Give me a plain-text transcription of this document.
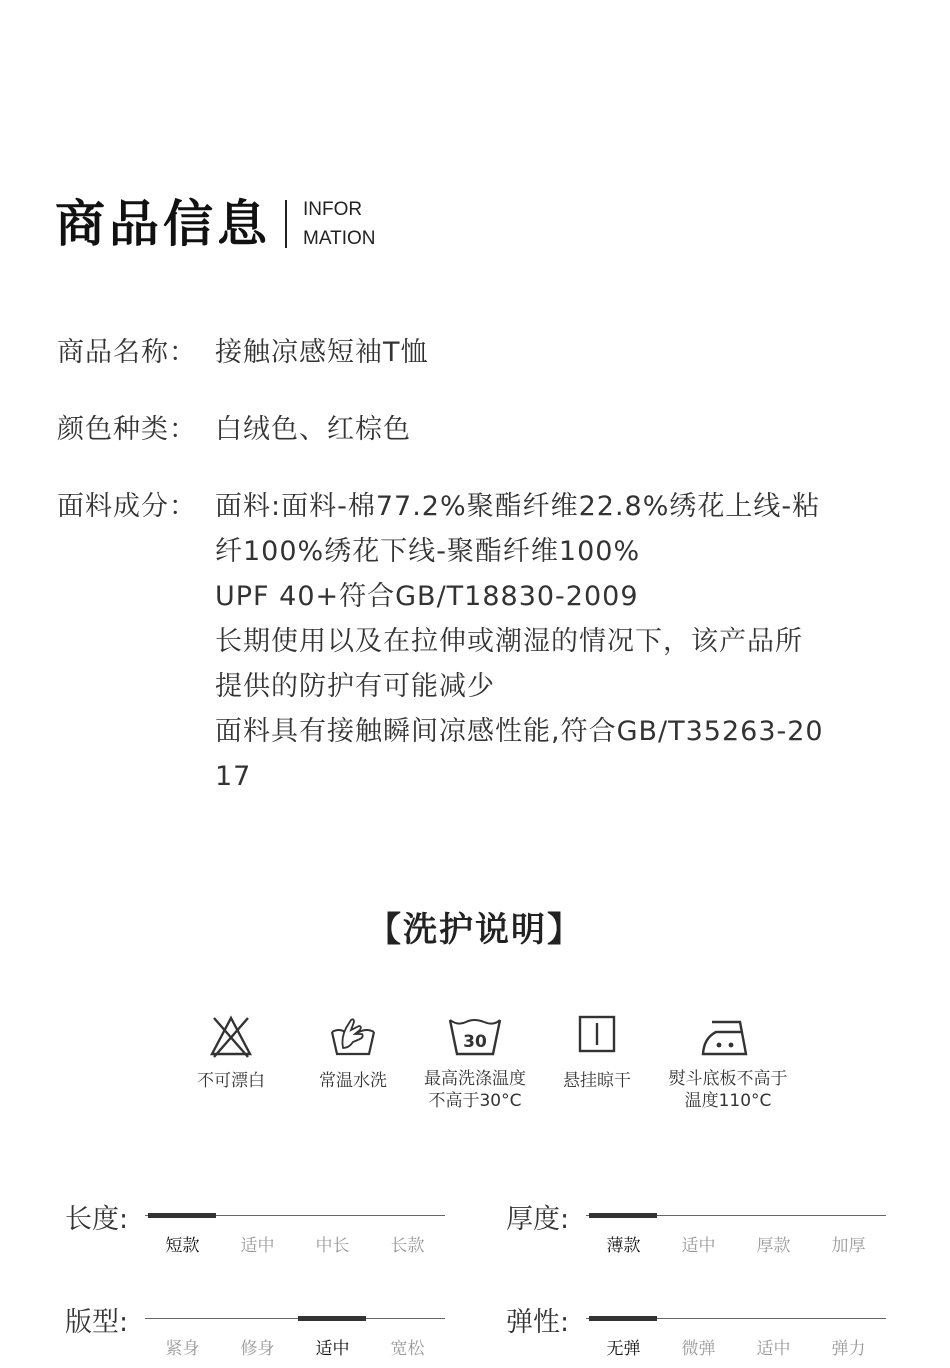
商品信息 INFOR
MATION
商品名称： 接触凉感短袖T恤
颜色种类： 白绒色、红棕色
面料成分： 面料:面料-棉77.2%聚酯纤维22.8%绣花上线-粘
纤100%绣花下线-聚酯纤维100%
UPF 40+符合GB/T18830-2009
长期使用以及在拉伸或潮湿的情况下，该产品所
提供的防护有可能减少
面料具有接触瞬间凉感性能,符合GB/T35263-20
17
【洗护说明】
不可漂白	常温水洗
30
最高洗涤温度
不高于30°C
悬挂晾干	熨斗底板不高于
温度110°C
长度:
短款	适中	中长	长款
厚度:
薄款	适中	厚款	加厚
版型:
紧身	修身	适中	宽松
弹性:
无弹	微弹	适中	弹力
